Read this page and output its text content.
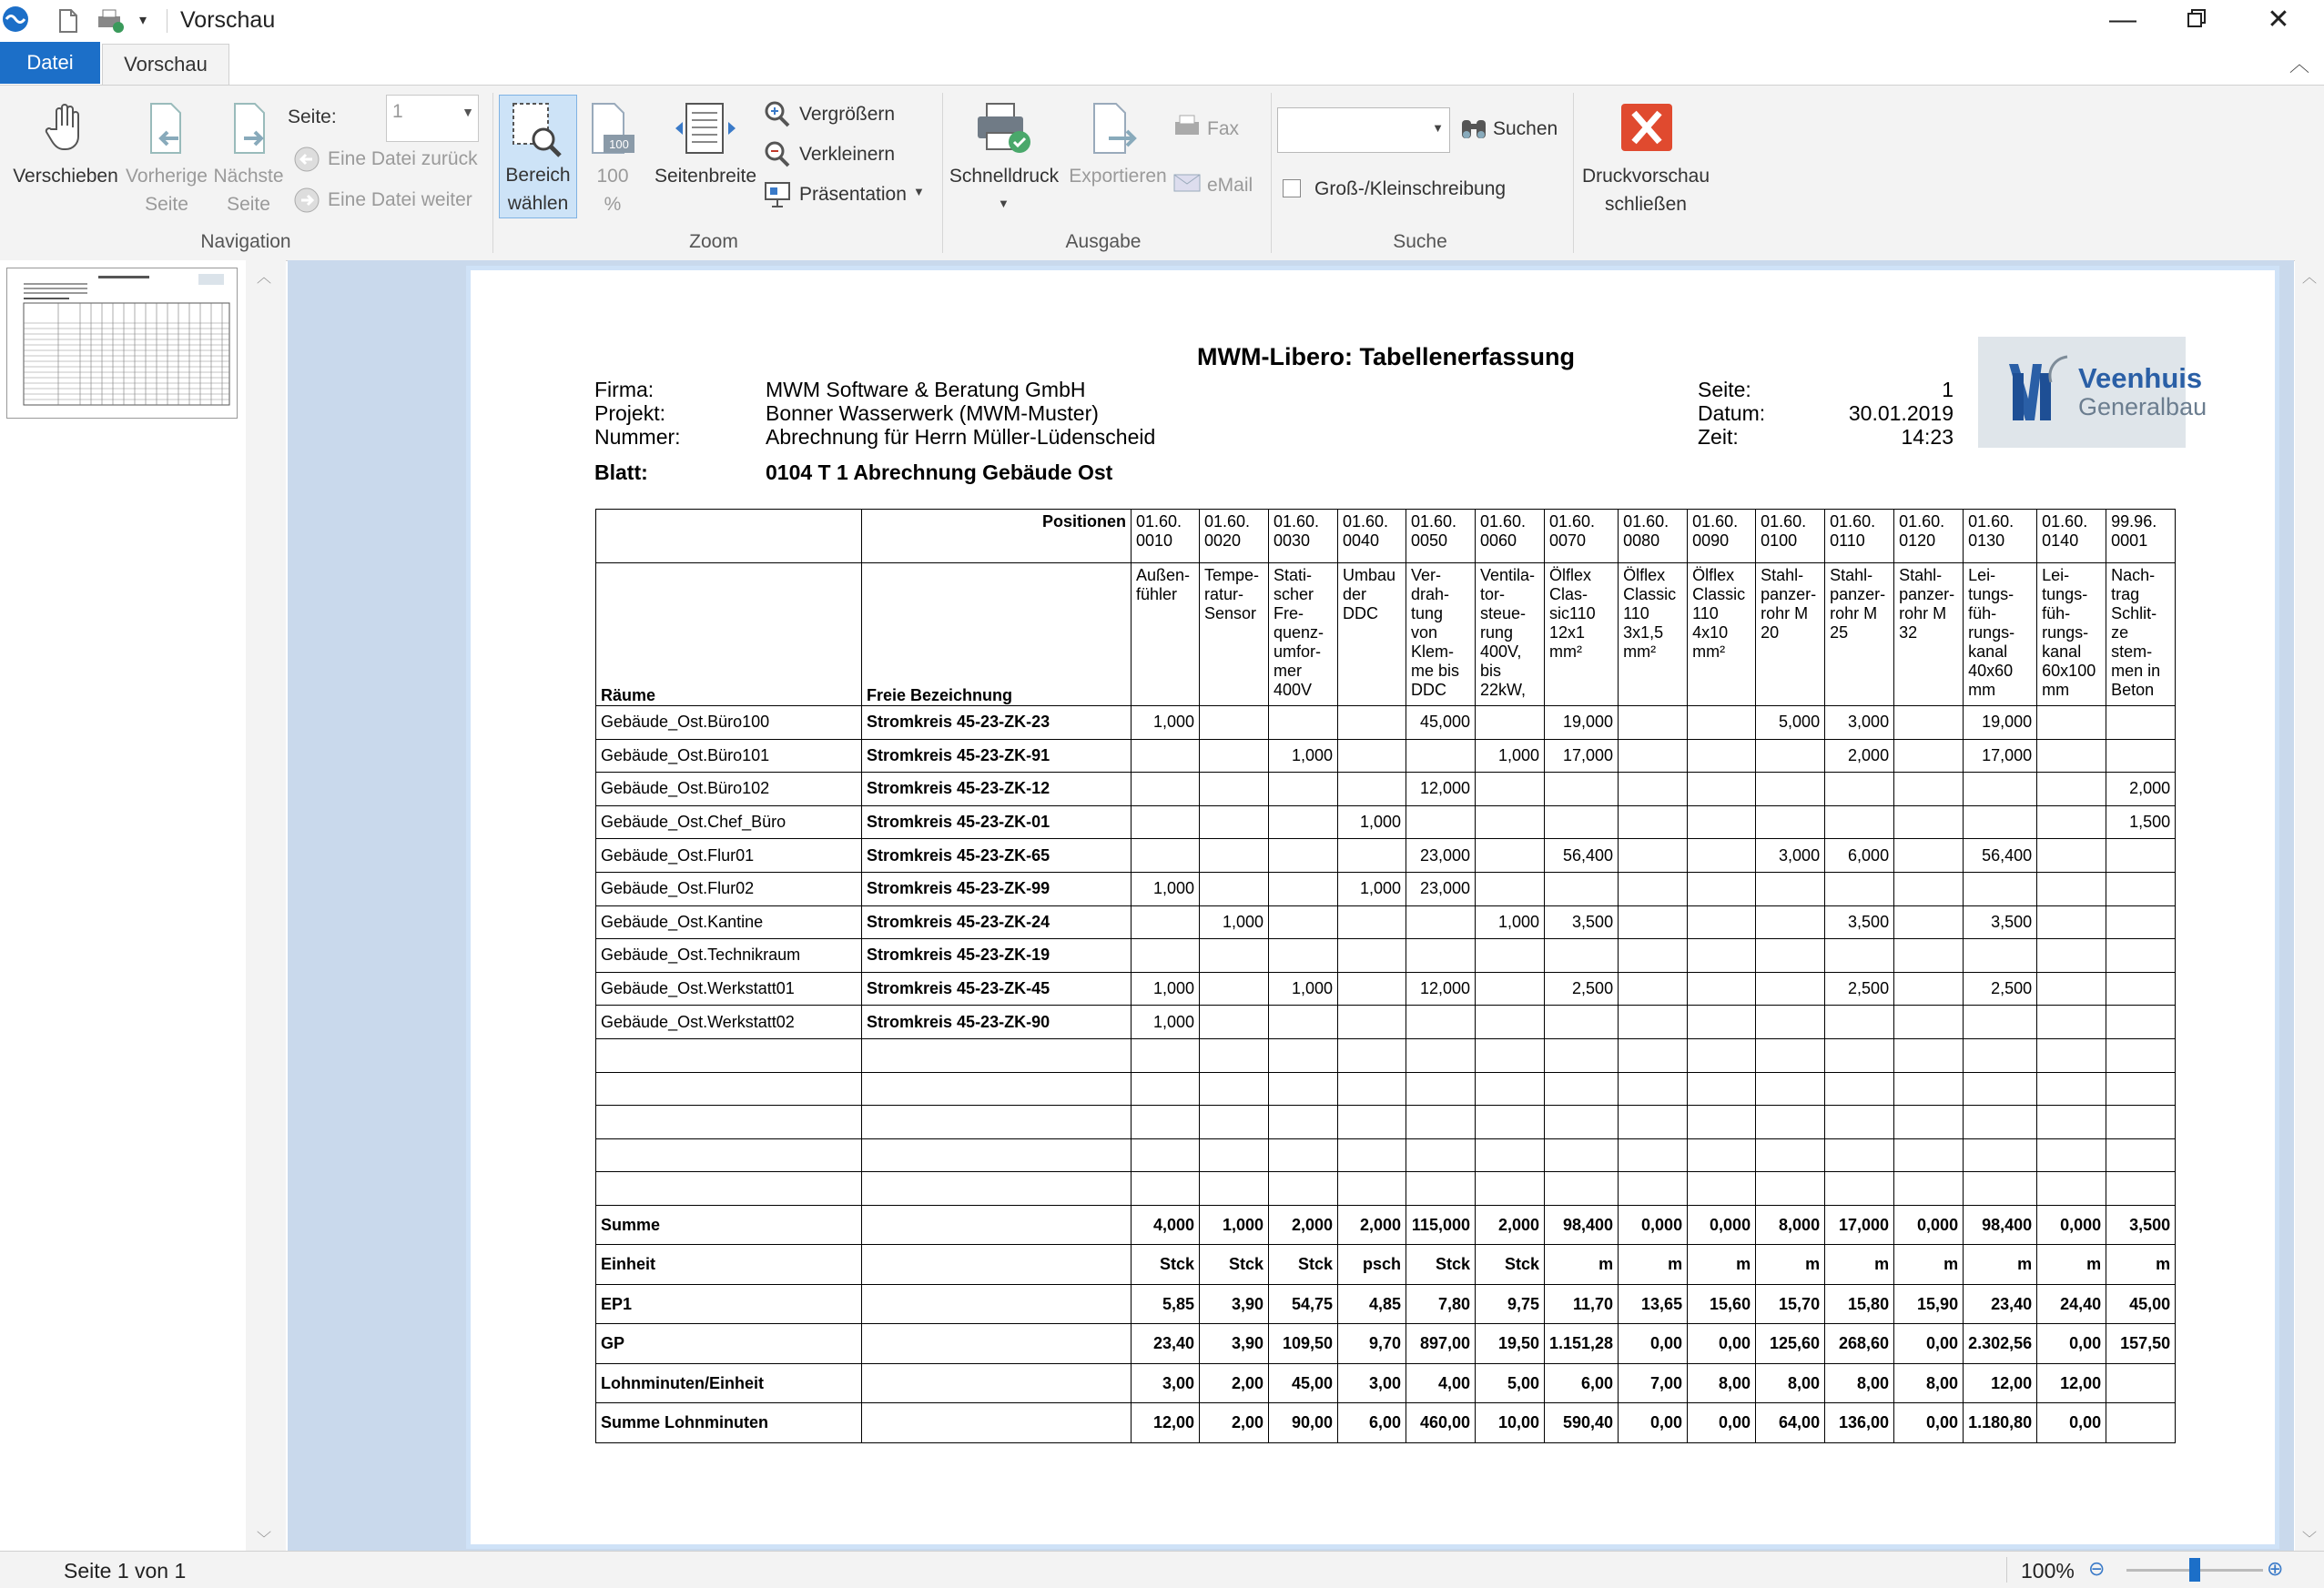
▾ Vorschau	—	✕
Datei	Vorschau	︿
Verschieben Vorherige
Seite
Nächste
Seite
Seite:	1	▼
Eine Datei zurück
Eine Datei weiter
Navigation
Bereich
wählen
100
100
%
Seitenbreite
Vergrößern
Verkleinern
Präsentation ▼
Zoom
Schnelldruck
▼
Exportieren
Fax
eMail
Ausgabe
▼	Suchen
Groß-/Kleinschreibung
Suche
Druckvorschau
schließen
︿
﹀
︿
﹀
MWM-Libero: Tabellenerfassung
Firma:	MWM Software & Beratung GmbH
Projekt:	Bonner Wasserwerk (MWM-Muster)
Nummer:	Abrechnung für Herrn Müller-Lüdenscheid
Seite:	1
Datum:	30.01.2019
Zeit:	14:23
Blatt:	0104 T 1 Abrechnung Gebäude Ost
Veenhuis
Generalbau
	Positionen	01.60. 0010	01.60. 0020	01.60. 0030	01.60. 0040	01.60. 0050	01.60. 0060	01.60. 0070	01.60. 0080	01.60. 0090	01.60. 0100	01.60. 0110	01.60. 0120	01.60. 0130	01.60. 0140	99.96. 0001
Räume	Freie Bezeichnung	Außen- fühler	Tempe- ratur- Sensor	Stati- scher Fre- quenz- umfor- mer 400V	Umbau der DDC	Ver- drah- tung von Klem- me bis DDC	Ventila- tor- steue- rung 400V, bis 22kW,	Ölflex Clas- sic110 12x1 mm²	Ölflex Classic 110 3x1,5 mm²	Ölflex Classic 110 4x10 mm²	Stahl- panzer- rohr M 20	Stahl- panzer- rohr M 25	Stahl- panzer- rohr M 32	Lei- tungs- füh- rungs- kanal 40x60 mm	Lei- tungs- füh- rungs- kanal 60x100 mm	Nach- trag Schlit- ze stem- men in Beton
Gebäude_Ost.Büro100	Stromkreis 45-23-ZK-23	1,000				45,000		19,000			5,000	3,000		19,000		
Gebäude_Ost.Büro101	Stromkreis 45-23-ZK-91			1,000			1,000	17,000				2,000		17,000		
Gebäude_Ost.Büro102	Stromkreis 45-23-ZK-12					12,000										2,000
Gebäude_Ost.Chef_Büro	Stromkreis 45-23-ZK-01				1,000											1,500
Gebäude_Ost.Flur01	Stromkreis 45-23-ZK-65					23,000		56,400			3,000	6,000		56,400		
Gebäude_Ost.Flur02	Stromkreis 45-23-ZK-99	1,000			1,000	23,000										
Gebäude_Ost.Kantine	Stromkreis 45-23-ZK-24		1,000				1,000	3,500				3,500		3,500		
Gebäude_Ost.Technikraum	Stromkreis 45-23-ZK-19															
Gebäude_Ost.Werkstatt01	Stromkreis 45-23-ZK-45	1,000		1,000		12,000		2,500				2,500		2,500		
Gebäude_Ost.Werkstatt02	Stromkreis 45-23-ZK-90	1,000														

Summe		4,000	1,000	2,000	2,000	115,000	2,000	98,400	0,000	0,000	8,000	17,000	0,000	98,400	0,000	3,500
Einheit		Stck	Stck	Stck	psch	Stck	Stck	m	m	m	m	m	m	m	m	m
EP1		5,85	3,90	54,75	4,85	7,80	9,75	11,70	13,65	15,60	15,70	15,80	15,90	23,40	24,40	45,00
GP		23,40	3,90	109,50	9,70	897,00	19,50	1.151,28	0,00	0,00	125,60	268,60	0,00	2.302,56	0,00	157,50
Lohnminuten/Einheit		3,00	2,00	45,00	3,00	4,00	5,00	6,00	7,00	8,00	8,00	8,00	8,00	12,00	12,00	
Summe Lohnminuten		12,00	2,00	90,00	6,00	460,00	10,00	590,40	0,00	0,00	64,00	136,00	0,00	1.180,80	0,00	
Seite 1 von 1	100% ⊖	⊕
